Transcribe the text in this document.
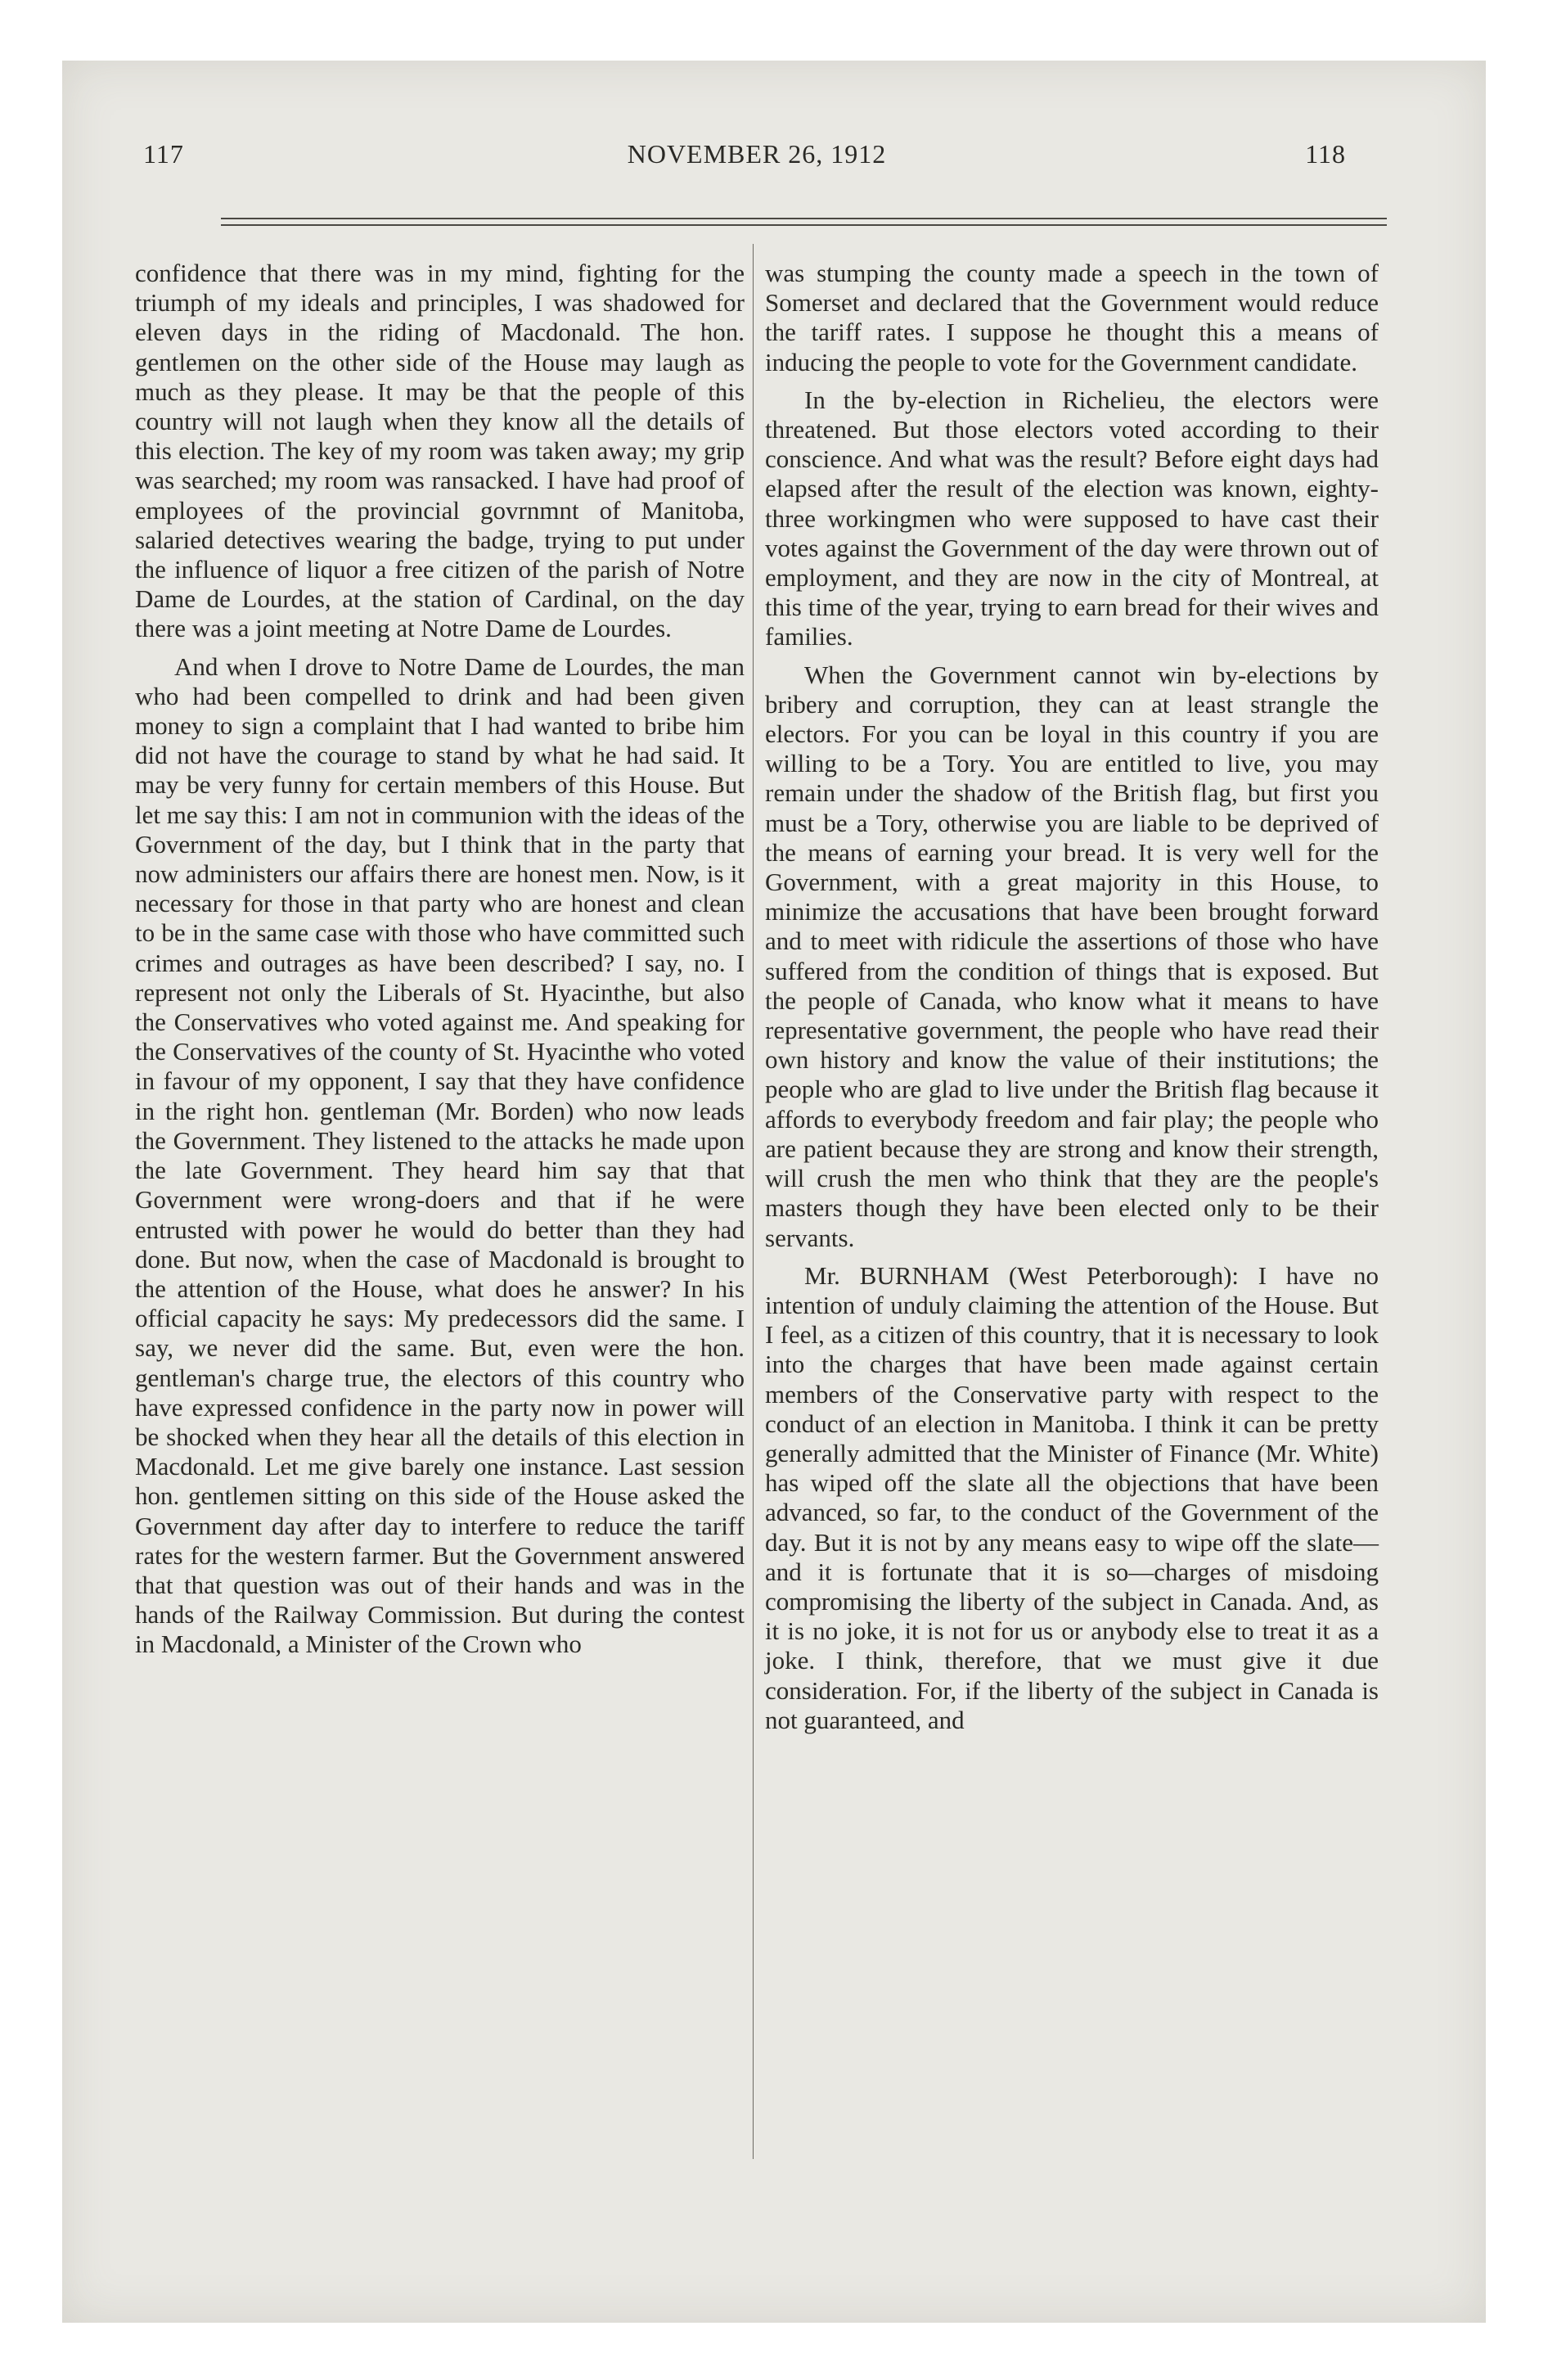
117	NOVEMBER 26, 1912	118

confidence that there was in my mind, fighting for the triumph of my ideals and principles, I was shadowed for eleven days in the riding of Macdonald. The hon. gentlemen on the other side of the House may laugh as much as they please. It may be that the people of this country will not laugh when they know all the details of this election. The key of my room was taken away; my grip was searched; my room was ransacked. I have had proof of employees of the provincial govrnmnt of Manitoba, salaried detectives wearing the badge, trying to put under the influence of liquor a free citizen of the parish of Notre Dame de Lourdes, at the station of Cardinal, on the day there was a joint meeting at Notre Dame de Lourdes.

And when I drove to Notre Dame de Lourdes, the man who had been compelled to drink and had been given money to sign a complaint that I had wanted to bribe him did not have the courage to stand by what he had said. It may be very funny for certain members of this House. But let me say this: I am not in communion with the ideas of the Government of the day, but I think that in the party that now administers our affairs there are honest men. Now, is it necessary for those in that party who are honest and clean to be in the same case with those who have committed such crimes and outrages as have been described? I say, no. I represent not only the Liberals of St. Hyacinthe, but also the Conservatives who voted against me. And speaking for the Conservatives of the county of St. Hyacinthe who voted in favour of my opponent, I say that they have confidence in the right hon. gentleman (Mr. Borden) who now leads the Government. They listened to the attacks he made upon the late Government. They heard him say that that Government were wrong-doers and that if he were entrusted with power he would do better than they had done. But now, when the case of Macdonald is brought to the attention of the House, what does he answer? In his official capacity he says: My predecessors did the same. I say, we never did the same. But, even were the hon. gentleman's charge true, the electors of this country who have expressed confidence in the party now in power will be shocked when they hear all the details of this election in Macdonald. Let me give barely one instance. Last session hon. gentlemen sitting on this side of the House asked the Government day after day to interfere to reduce the tariff rates for the western farmer. But the Government answered that that question was out of their hands and was in the hands of the Railway Commission. But during the contest in Macdonald, a Minister of the Crown who

was stumping the county made a speech in the town of Somerset and declared that the Government would reduce the tariff rates. I suppose he thought this a means of inducing the people to vote for the Government candidate.

In the by-election in Richelieu, the electors were threatened. But those electors voted according to their conscience. And what was the result? Before eight days had elapsed after the result of the election was known, eighty-three workingmen who were supposed to have cast their votes against the Government of the day were thrown out of employment, and they are now in the city of Montreal, at this time of the year, trying to earn bread for their wives and families.

When the Government cannot win by-elections by bribery and corruption, they can at least strangle the electors. For you can be loyal in this country if you are willing to be a Tory. You are entitled to live, you may remain under the shadow of the British flag, but first you must be a Tory, otherwise you are liable to be deprived of the means of earning your bread. It is very well for the Government, with a great majority in this House, to minimize the accusations that have been brought forward and to meet with ridicule the assertions of those who have suffered from the condition of things that is exposed. But the people of Canada, who know what it means to have representative government, the people who have read their own history and know the value of their institutions; the people who are glad to live under the British flag because it affords to everybody freedom and fair play; the people who are patient because they are strong and know their strength, will crush the men who think that they are the people's masters though they have been elected only to be their servants.

Mr. BURNHAM (West Peterborough): I have no intention of unduly claiming the attention of the House. But I feel, as a citizen of this country, that it is necessary to look into the charges that have been made against certain members of the Conservative party with respect to the conduct of an election in Manitoba. I think it can be pretty generally admitted that the Minister of Finance (Mr. White) has wiped off the slate all the objections that have been advanced, so far, to the conduct of the Government of the day. But it is not by any means easy to wipe off the slate—and it is fortunate that it is so—charges of misdoing compromising the liberty of the subject in Canada. And, as it is no joke, it is not for us or anybody else to treat it as a joke. I think, therefore, that we must give it due consideration. For, if the liberty of the subject in Canada is not guaranteed, and
